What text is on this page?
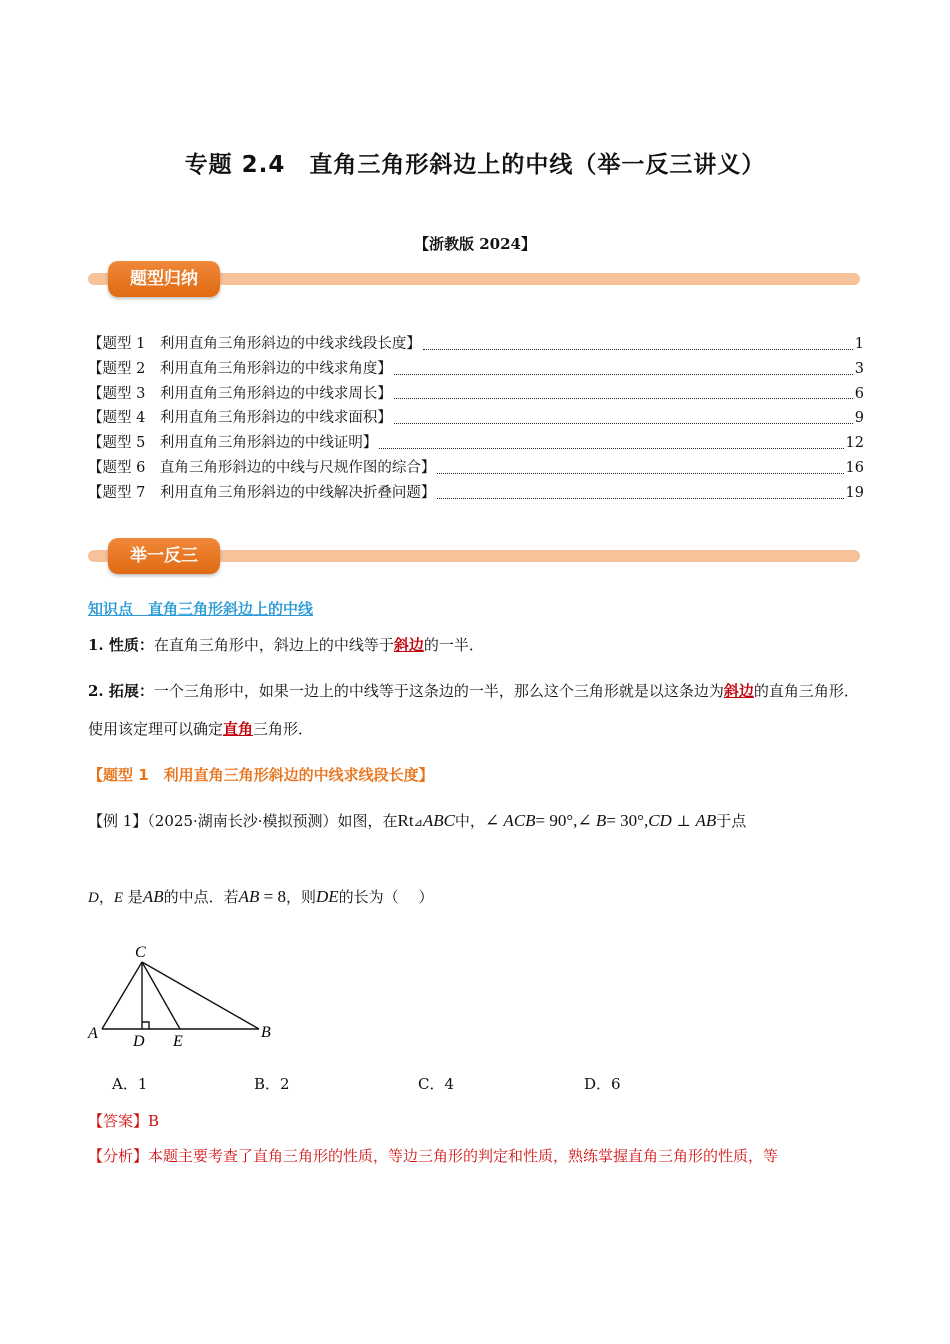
专题 2.4　直角三角形斜边上的中线（举一反三讲义）
【浙教版 2024】
题型归纳
【题型 1　利用直角三角形斜边的中线求线段长度】	1
【题型 2　利用直角三角形斜边的中线求角度】	3
【题型 3　利用直角三角形斜边的中线求周长】	6
【题型 4　利用直角三角形斜边的中线求面积】	9
【题型 5　利用直角三角形斜边的中线证明】	12
【题型 6　直角三角形斜边的中线与尺规作图的综合】	16
【题型 7　利用直角三角形斜边的中线解决折叠问题】	19
举一反三
知识点　直角三角形斜边上的中线
1. 性质：在直角三角形中，斜边上的中线等于斜边的一半．
2. 拓展：一个三角形中，如果一边上的中线等于这条边的一半，那么这个三角形就是以这条边为斜边的直角三角形．使用该定理可以确定直角三角形．
【题型 1　利用直角三角形斜边的中线求线段长度】
【例 1】（2025·湖南长沙·模拟预测）如图，在Rt⊿ABC中，∠ ACB= 90°,∠ B= 30°,CD ⊥ AB于点
D，E 是AB的中点．若AB = 8，则DE的长为（　 ）
C
A	B
D E
A．1	B．2	C．4	D．6
【答案】B
【分析】本题主要考查了直角三角形的性质，等边三角形的判定和性质，熟练掌握直角三角形的性质，等
